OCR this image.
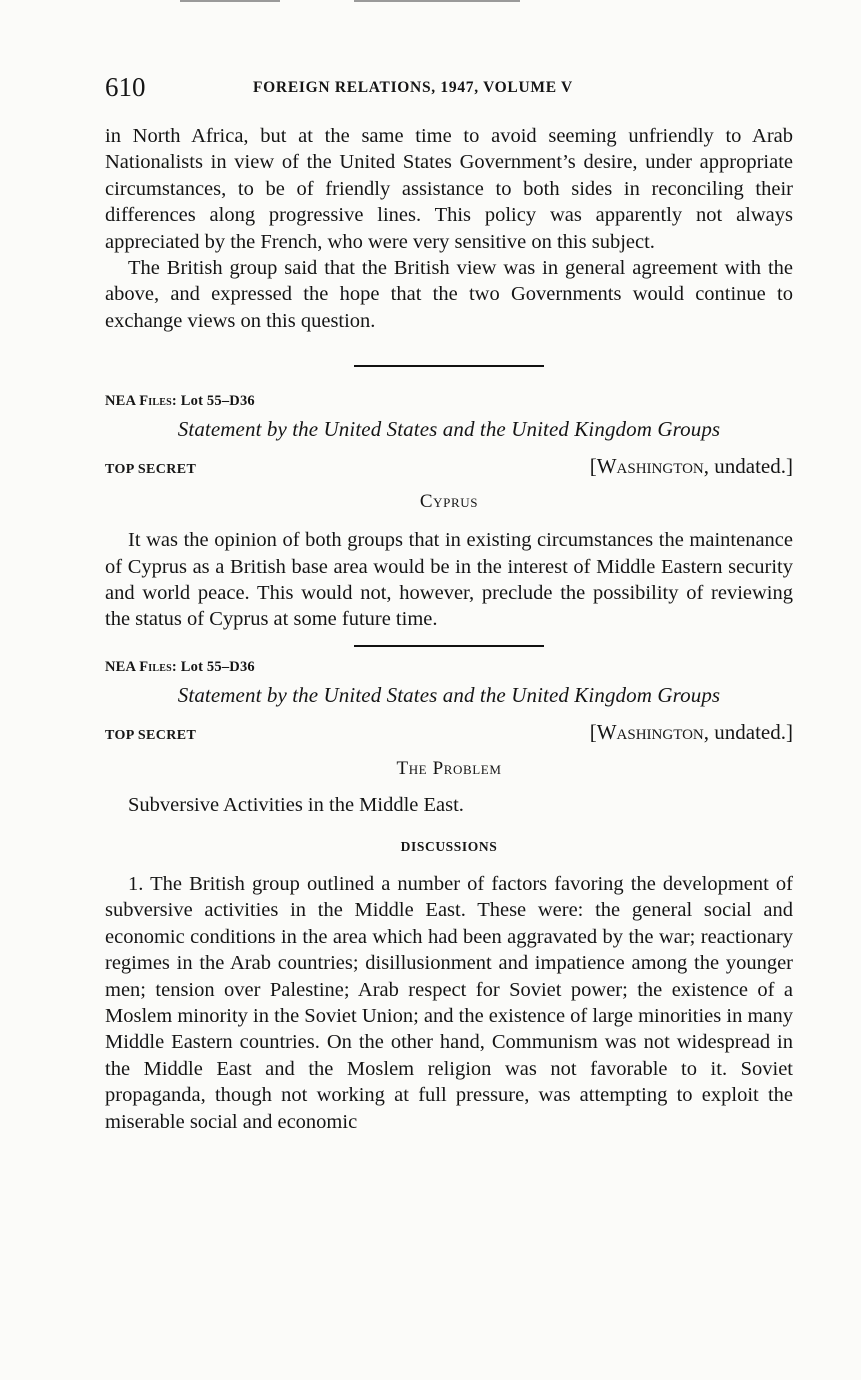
610	FOREIGN RELATIONS, 1947, VOLUME V

in North Africa, but at the same time to avoid seeming unfriendly to Arab Nationalists in view of the United States Government’s desire, under appropriate circumstances, to be of friendly assistance to both sides in reconciling their differences along progressive lines. This policy was apparently not always appreciated by the French, who were very sensitive on this subject.

The British group said that the British view was in general agreement with the above, and expressed the hope that the two Governments would continue to exchange views on this question.

NEA Files: Lot 55–D36
Statement by the United States and the United Kingdom Groups
TOP SECRET	[Washington, undated.]
Cyprus

It was the opinion of both groups that in existing circumstances the maintenance of Cyprus as a British base area would be in the interest of Middle Eastern security and world peace. This would not, however, preclude the possibility of reviewing the status of Cyprus at some future time.

NEA Files: Lot 55–D36
Statement by the United States and the United Kingdom Groups
TOP SECRET	[Washington, undated.]
The Problem
Subversive Activities in the Middle East.
DISCUSSIONS

1. The British group outlined a number of factors favoring the development of subversive activities in the Middle East. These were: the general social and economic conditions in the area which had been aggravated by the war; reactionary regimes in the Arab countries; disillusionment and impatience among the younger men; tension over Palestine; Arab respect for Soviet power; the existence of a Moslem minority in the Soviet Union; and the existence of large minorities in many Middle Eastern countries. On the other hand, Communism was not widespread in the Middle East and the Moslem religion was not favorable to it. Soviet propaganda, though not working at full pressure, was attempting to exploit the miserable social and economic
